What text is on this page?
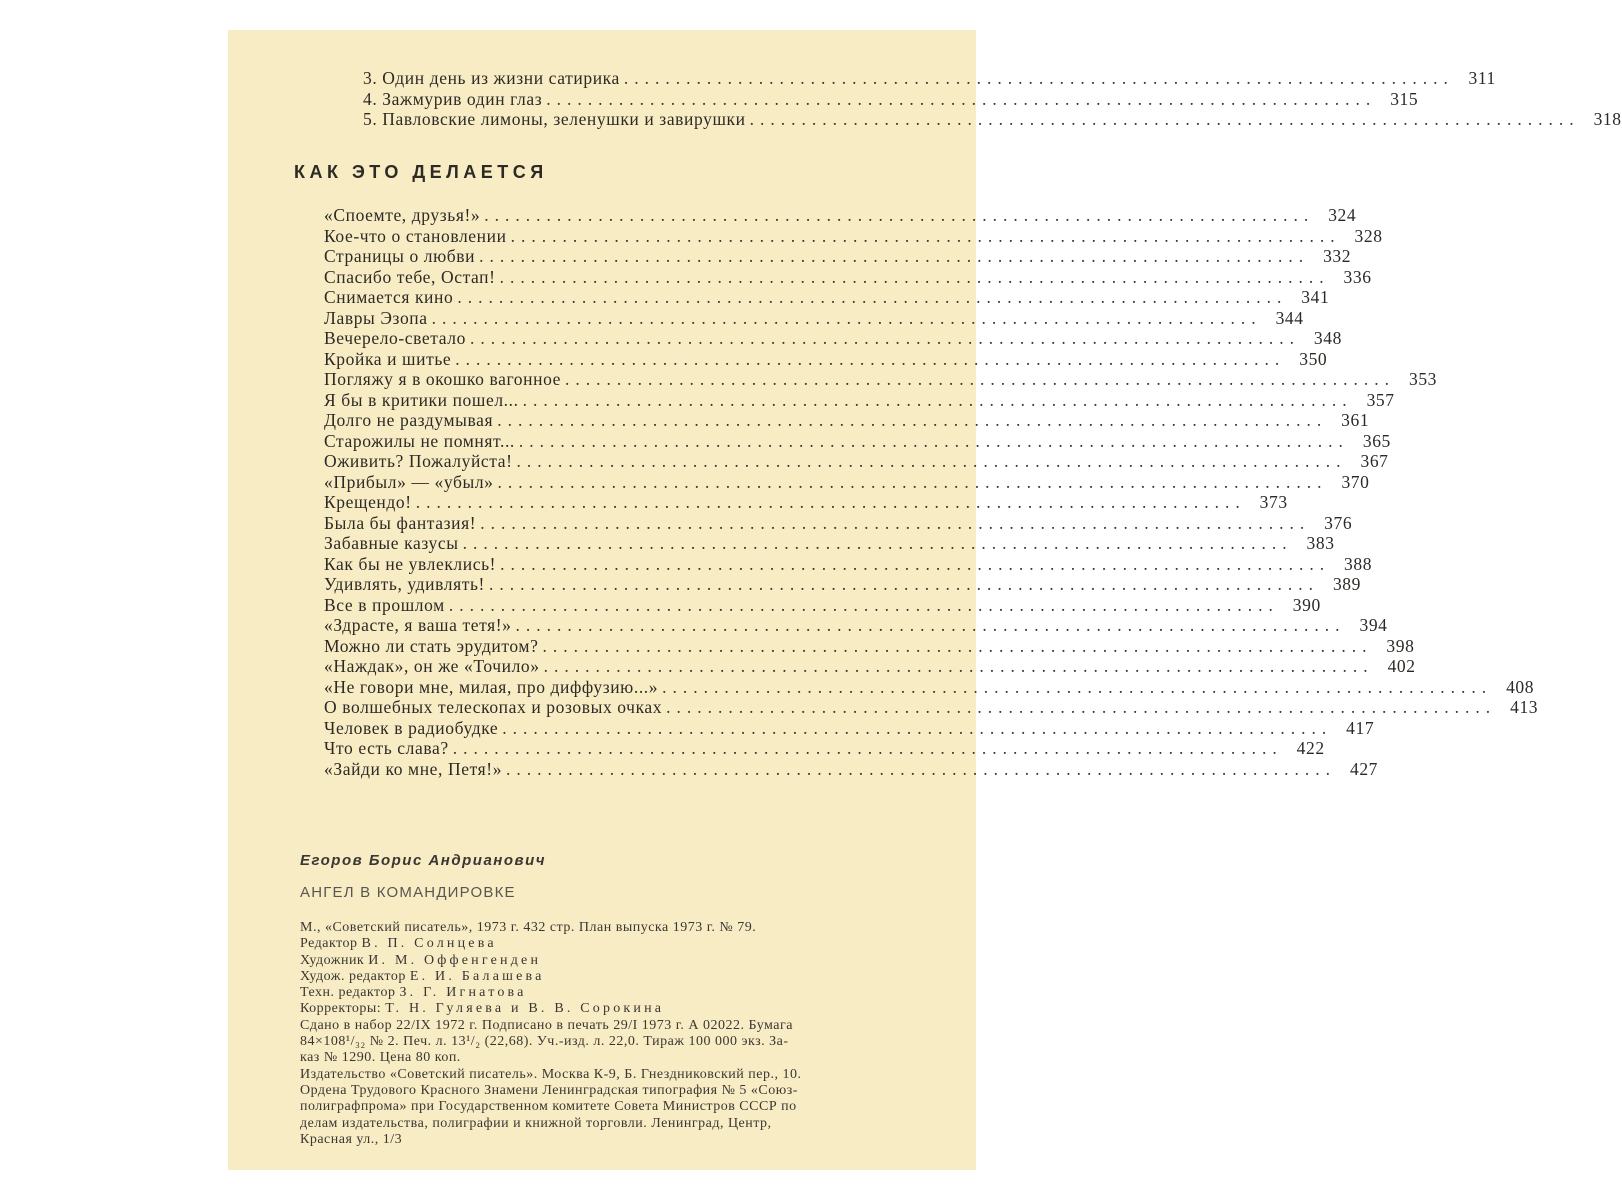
3. Один день из жизни сатирика ................................................................................ 311
4. Зажмурив один глаз ................................................................................ 315
5. Павловские лимоны, зеленушки и завирушки ................................................................................ 318
КАК ЭТО ДЕЛАЕТСЯ
«Споемте, друзья!» ................................................................................ 324
Кое-что о становлении ................................................................................ 328
Страницы о любви ................................................................................ 332
Спасибо тебе, Остап! ................................................................................ 336
Снимается кино ................................................................................ 341
Лавры Эзопа ................................................................................ 344
Вечерело-светало ................................................................................ 348
Кройка и шитье ................................................................................ 350
Погляжу я в окошко вагонное ................................................................................ 353
Я бы в критики пошел... ................................................................................ 357
Долго не раздумывая ................................................................................ 361
Старожилы не помнят... ................................................................................ 365
Оживить? Пожалуйста! ................................................................................ 367
«Прибыл» — «убыл» ................................................................................ 370
Крещендо! ................................................................................ 373
Была бы фантазия! ................................................................................ 376
Забавные казусы ................................................................................ 383
Как бы не увлеклись! ................................................................................ 388
Удивлять, удивлять! ................................................................................ 389
Все в прошлом ................................................................................ 390
«Здрасте, я ваша тетя!» ................................................................................ 394
Можно ли стать эрудитом? ................................................................................ 398
«Наждак», он же «Точило» ................................................................................ 402
«Не говори мне, милая, про диффузию...» ................................................................................ 408
О волшебных телескопах и розовых очках ................................................................................ 413
Человек в радиобудке ................................................................................ 417
Что есть слава? ................................................................................ 422
«Зайди ко мне, Петя!» ................................................................................ 427
Егоров Борис Андрианович
АНГЕЛ В КОМАНДИРОВКЕ
М., «Советский писатель», 1973 г. 432 стр. План выпуска 1973 г. № 79.
Редактор В. П. Солнцева
Художник И. М. Оффенгенден
Худож. редактор Е. И. Балашева
Техн. редактор З. Г. Игнатова
Корректоры: Т. Н. Гуляева и В. В. Сорокина
Сдано в набор 22/IX 1972 г. Подписано в печать 29/I 1973 г. А 02022. Бумага
84×108¹/₃₂ № 2. Печ. л. 13¹/₂ (22,68). Уч.-изд. л. 22,0. Тираж 100 000 экз. За-
каз № 1290. Цена 80 коп.
Издательство «Советский писатель». Москва К-9, Б. Гнездниковский пер., 10.
Ордена Трудового Красного Знамени Ленинградская типография № 5 «Союз-
полиграфпрома» при Государственном комитете Совета Министров СССР по
делам издательства, полиграфии и книжной торговли. Ленинград, Центр,
Красная ул., 1/3
